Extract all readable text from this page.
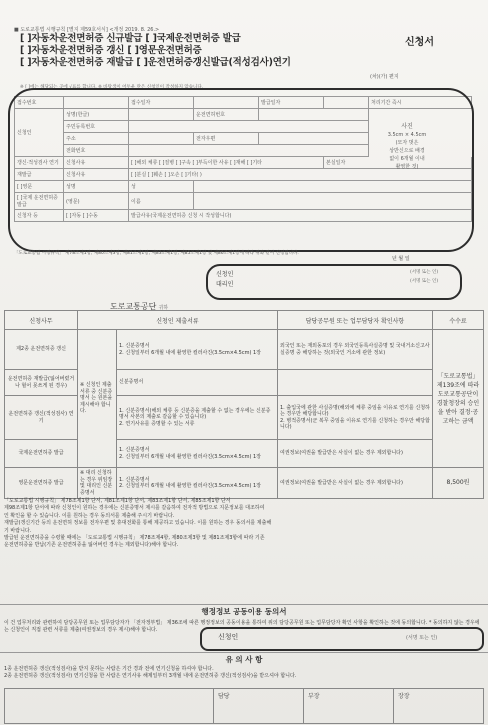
■ 도로교통법 시행규칙 [별지 제59호서식] <개정 2019. 8. 26.>
(차)(가) 편지
[ ]자동차운전면허증 신규발급 [ ]국제운전면허증 발급
[ ]자동차운전면허증 갱신 [ ]영문운전면허증
[ ]자동차운전면허증 재발급 [ ]운전면허증갱신발급(적성검사)연기
신청서
※ [ ]에는 해당되는 곳에 √표를 합니다. ※ 바탕색이 어두운 란은 신청인이 작성하지 않습니다.
접수번호		접수일자		발급일자		처리기간 즉시
신청인	성명(한글)		운전면허번호			
	주민등록번호					
	주소		전자우편			
	전화번호					
갱신·적성검사 연기	신청사유	[ ]해외 체류 [ ]질병 [ ]구속 [ ]부득이한 사유 [ ]재해 [ ]기타			본실일자	
재발급	신청사유	[ ]분실 [ ]훼손 [ ]오손 [ ]기타( )				
[ ]영문	성명	성				
[ ]국제 운전면허증 발급	(영문)	이름				
신청자 등	[ ]자동 [ ]수동	발급사유(국제운전면허증 신청 시 작성합니다)				
사진
3.5cm × 4.5cm
(모자 벗은
상반신으로 배경
없이 6개월 이내
촬영한 것)
「도로교통법 시행규칙」 제78조제1항, 제80조제3항, 제81조제1항, 제83조제1항, 제85조제1항 및 제86조제1항에 따라 위와 같이 신청합니다.
년 월 일
신청인
대리인
(서명 또는 인)
(서명 또는 인)
도로교통공단 귀하
신청사무	신청인 제출서류		담당공무원 또는 업무담당자 확인사항	수수료
제2종 운전면허증 갱신	※ 신청인 제출서류 중 신분증명서 는 원본을 제시해야 합니다.	1. 신분증명서
2. 신청일부터 6개월 내에 촬영한 컬러사진(3.5cm×4.5cm) 1장	외국인 또는 재외동포의 경우 외국인등록사실증명 및 국내거소신고사실증명 중 해당하는 것(외국인 거소에 관한 정보)	「도로교통법」제139조에 따라 도로교통공단이 경찰청장의 승인을 받아 결정·공고하는 금액
운전면허증 재발급(잃어버렸거나 헐어 못쓰게 된 경우)		신분증명서		
운전면허증 갱신(적성검사) 연기		1. 신분증명서(해외 체류 등 신분증을 제출할 수 없는 경우에는 신분증명서 사본의 제출로 갈음할 수 있습니다)
2. 연기사유를 증명할 수 있는 서류	1. 출입국에 관한 사실증명(해외에 체류 중임을 이유로 연기를 신청하는 경우만 해당합니다)
2. 병적증명서(군 복무 중임을 이유로 연기를 신청하는 경우만 해당합니다)	
국제운전면허증 발급		1. 신분증명서
2. 신청일부터 6개월 내에 촬영한 컬러사진(3.5cm×4.5cm) 1장	여권정보(여권을 발급받은 사실이 없는 경우 제외합니다)	
영문운전면허증 발급	※ 대리 신청하는 경우 위임장 및 대리인 신분증명서	1. 신분증명서
2. 신청일부터 6개월 내에 촬영한 컬러사진(3.5cm×4.5cm) 1장	여권정보(여권을 발급받은 사실이 없는 경우 제외합니다)	8,500원
「도로교통법 시행규칙」 제78조제1항 단서, 제81조제1항 단서, 제83조제1항 단서, 제85조제1항 단서
제98조제1항 단서에 따라 신청인이 원하는 경우에는 신분증명서 제시를 갈음하여 전자적 방법으로 지문정보를 대조하여
인 확인을 할 수 있습니다. 이를 원하는 경우 동의서를 제출해 주시기 바랍니다.
재발급(갱신기간 등의 운전면허 정보를 전자우편 및 휴대전화를 통해 제공하고 있습니다. 이를 원하는 경우 동의서를 제출해
기 바랍니다.
발급된 운전면허증을 수령할 때에는 「도로교통법 시행규칙」 제78조제4항, 제80조제3항 및 제81조제3항에 따라 기존
운전면허증을 반납(기존 운전면허증을 잃어버린 경우는 제외합니다)해야 합니다.
행정정보 공동이용 동의서
이 건 업무처리와 관련하여 담당공무원 또는 업무담당자가 「전자정부법」 제36조에 따른 행정정보의 공동이용을 통하여 위의 담당공무원 또는 업무담당자 확인 사항을 확인하는 것에 동의합니다. * 동의하지 않는 경우에는 신청인이 직접 관련 서류를 제출(여권정보의 경우 제시)해야 합니다.
신청인	(서명 또는 인)
유 의 사 항
1종 운전면허증 갱신(적성검사)을 받지 못하는 사람은 기간 경과 전에 연기신청을 하셔야 합니다.
2종 운전면허증 갱신(적성검사) 연기신청을 한 사람은 연기사유 해제일부터 3개월 내에 운전면허증 갱신(적성검사)을 받으셔야 합니다.
	담당	부장	장장
